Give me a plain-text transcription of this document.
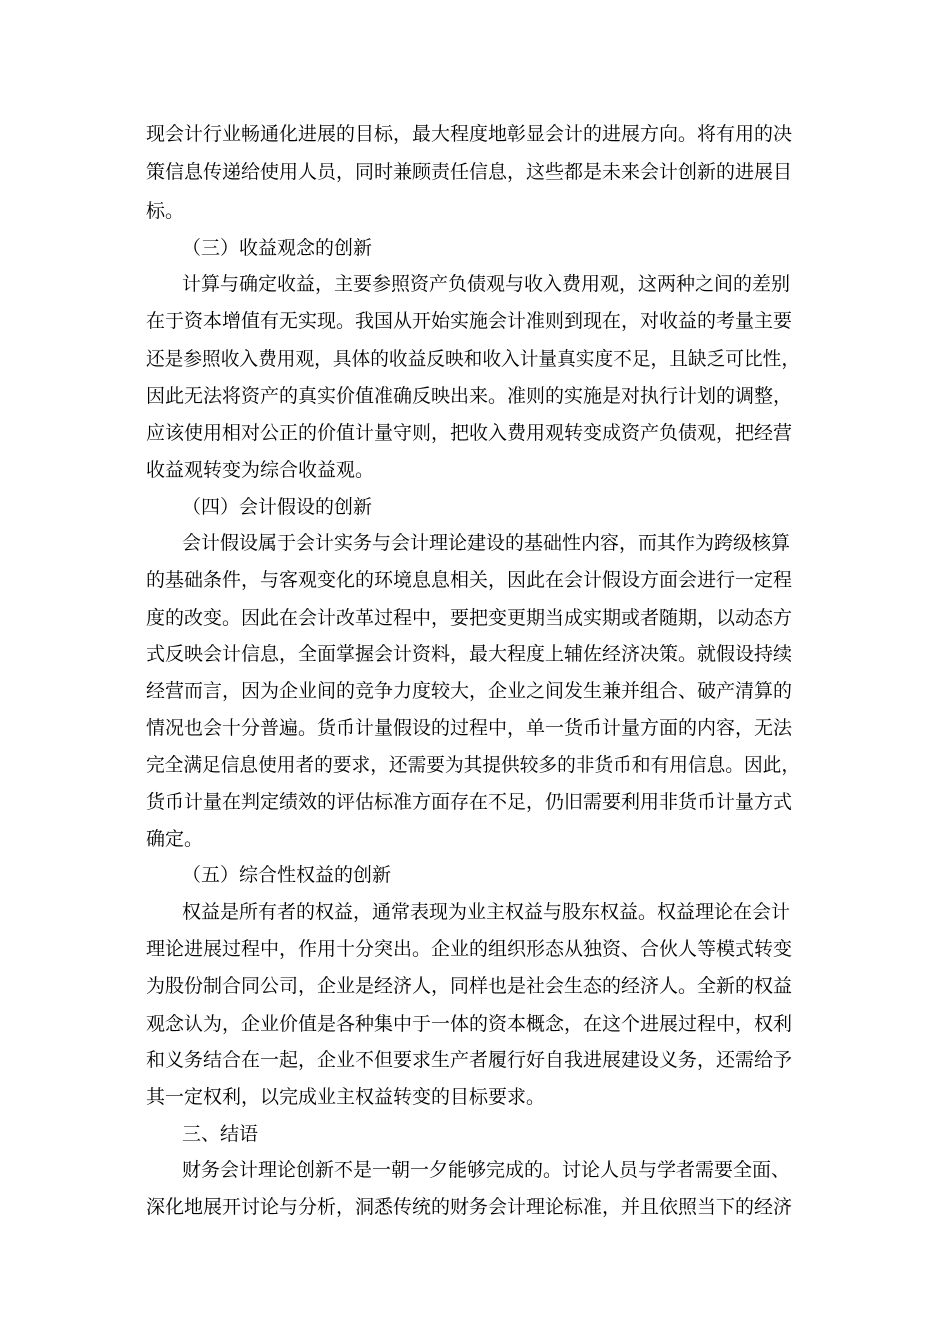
现会计行业畅通化进展的目标，最大程度地彰显会计的进展方向。将有用的决
策信息传递给使用人员，同时兼顾责任信息，这些都是未来会计创新的进展目
标。
（三）收益观念的创新
计算与确定收益，主要参照资产负债观与收入费用观，这两种之间的差别
在于资本增值有无实现。我国从开始实施会计准则到现在，对收益的考量主要
还是参照收入费用观，具体的收益反映和收入计量真实度不足，且缺乏可比性，
因此无法将资产的真实价值准确反映出来。准则的实施是对执行计划的调整，
应该使用相对公正的价值计量守则，把收入费用观转变成资产负债观，把经营
收益观转变为综合收益观。
（四）会计假设的创新
会计假设属于会计实务与会计理论建设的基础性内容，而其作为跨级核算
的基础条件，与客观变化的环境息息相关，因此在会计假设方面会进行一定程
度的改变。因此在会计改革过程中，要把变更期当成实期或者随期，以动态方
式反映会计信息，全面掌握会计资料，最大程度上辅佐经济决策。就假设持续
经营而言，因为企业间的竞争力度较大，企业之间发生兼并组合、破产清算的
情况也会十分普遍。货币计量假设的过程中，单一货币计量方面的内容，无法
完全满足信息使用者的要求，还需要为其提供较多的非货币和有用信息。因此，
货币计量在判定绩效的评估标准方面存在不足，仍旧需要利用非货币计量方式
确定。
（五）综合性权益的创新
权益是所有者的权益，通常表现为业主权益与股东权益。权益理论在会计
理论进展过程中，作用十分突出。企业的组织形态从独资、合伙人等模式转变
为股份制合同公司，企业是经济人，同样也是社会生态的经济人。全新的权益
观念认为，企业价值是各种集中于一体的资本概念，在这个进展过程中，权利
和义务结合在一起，企业不但要求生产者履行好自我进展建设义务，还需给予
其一定权利，以完成业主权益转变的目标要求。
三、结语
财务会计理论创新不是一朝一夕能够完成的。讨论人员与学者需要全面、
深化地展开讨论与分析，洞悉传统的财务会计理论标准，并且依照当下的经济
